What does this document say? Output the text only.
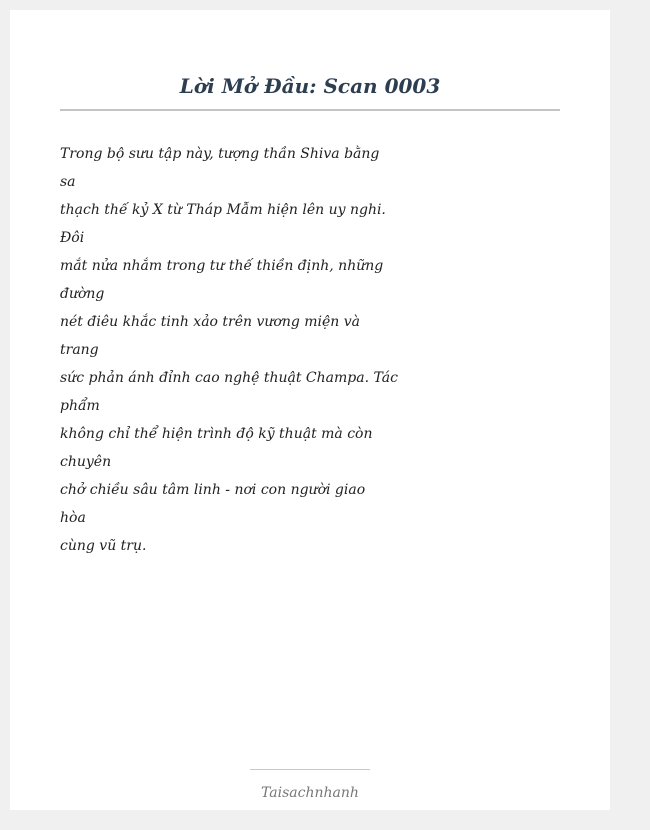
Lời Mở Đầu: Scan 0003
Trong bộ sưu tập này, tượng thần Shiva bằng
sa
thạch thế kỷ X từ Tháp Mẫm hiện lên uy nghi.
Đôi
mắt nửa nhắm trong tư thế thiền định, những
đường
nét điêu khắc tinh xảo trên vương miện và
trang
sức phản ánh đỉnh cao nghệ thuật Champa. Tác
phẩm
không chỉ thể hiện trình độ kỹ thuật mà còn
chuyên
chở chiều sâu tâm linh - nơi con người giao
hòa
cùng vũ trụ.
Taisachnhanh
